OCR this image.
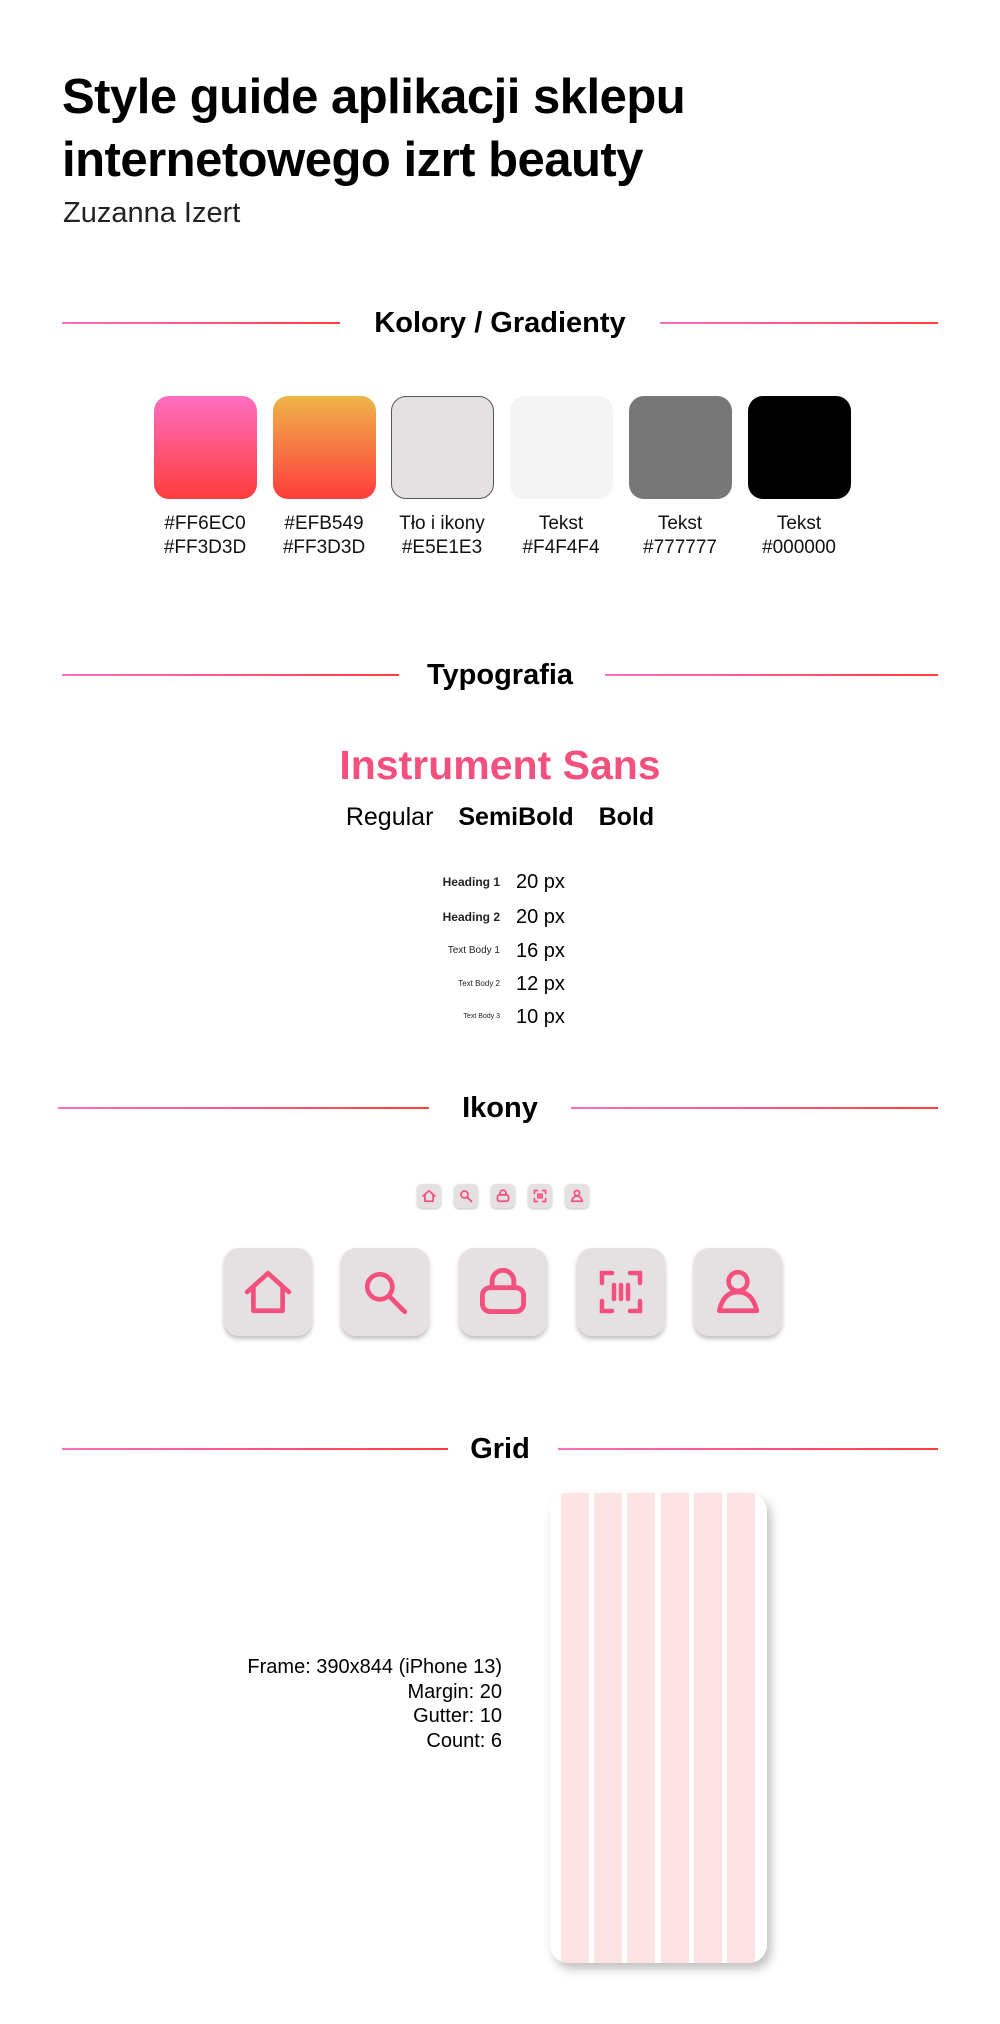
Style guide aplikacji sklepu
internetowego izrt beauty

Zuzanna Izert

Kolory / Gradienty
#FF6EC0
#FF3D3D
#EFB549
#FF3D3D
Tło i ikony
#E5E1E3
Tekst
#F4F4F4
Tekst
#777777
Tekst
#000000
Typografia
Instrument Sans
Regular SemiBold Bold
Heading 1 20 px
Heading 2 20 px
Text Body 1 16 px
Text Body 2 12 px
Text Body 3 10 px
Ikony
Grid
Frame: 390x844 (iPhone 13)
Margin: 20
Gutter: 10
Count: 6
